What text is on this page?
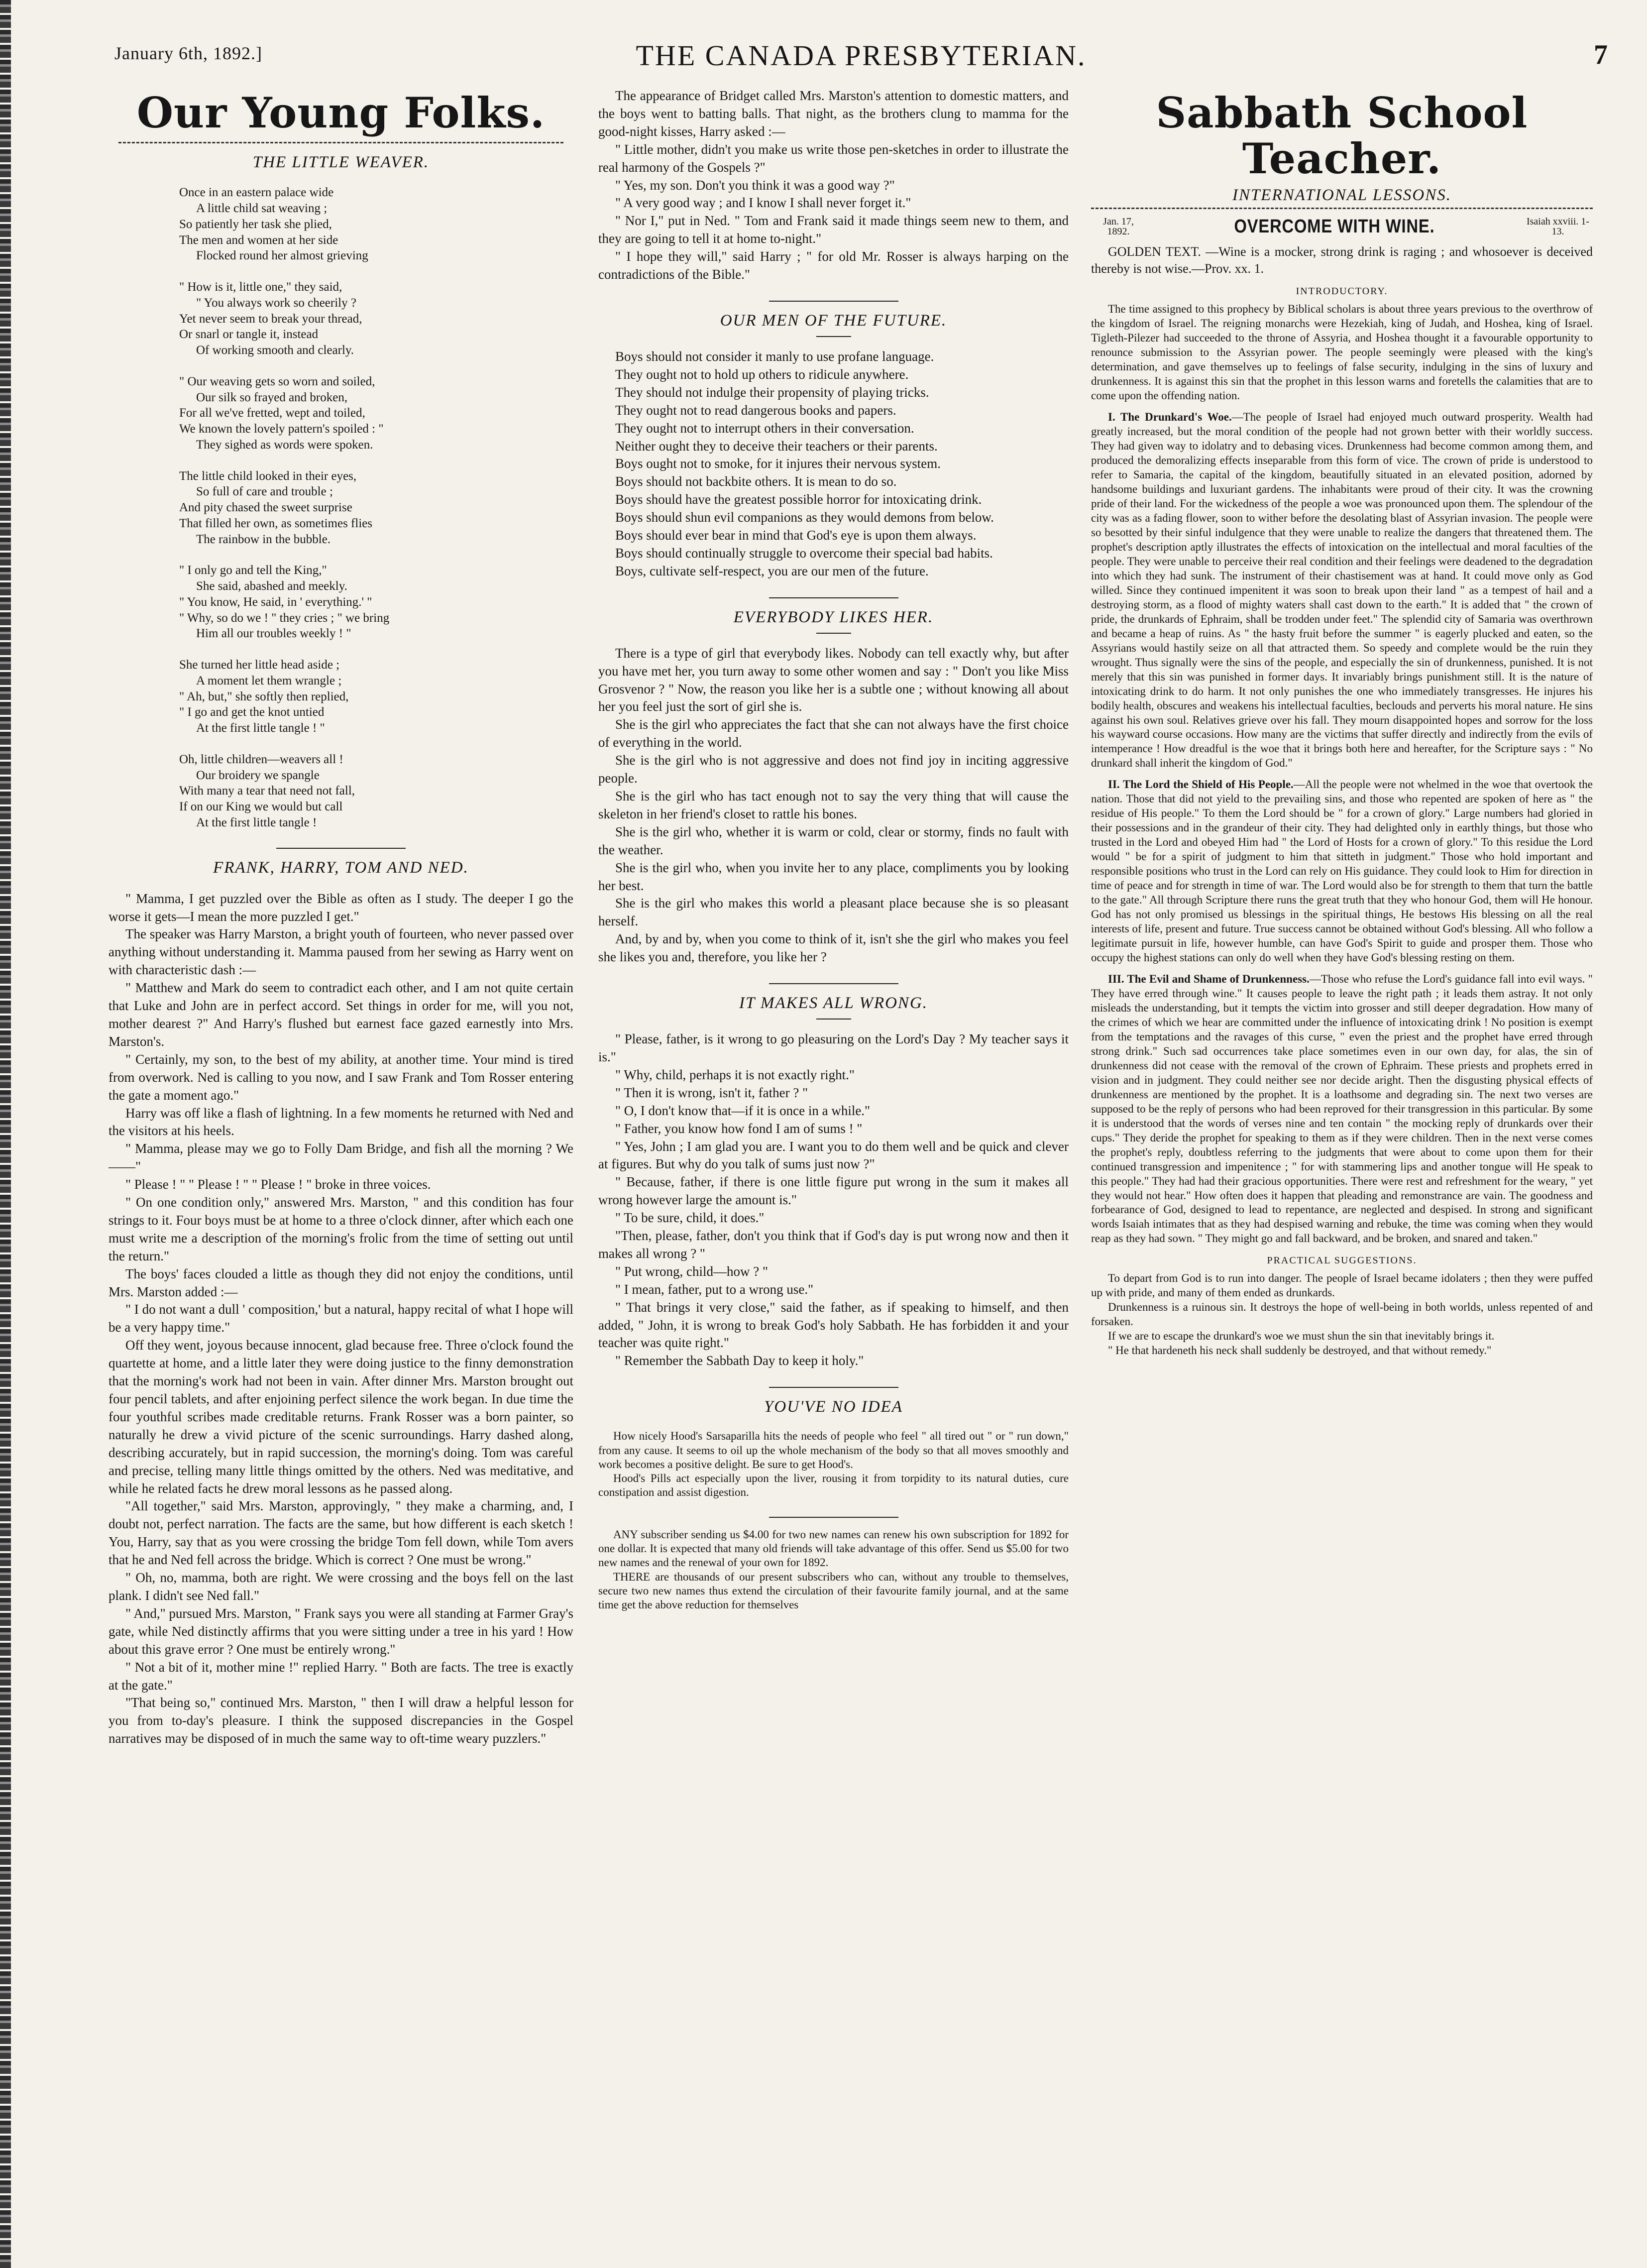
January 6th, 1892.]	THE CANADA PRESBYTERIAN.	7
Our Young Folks.
THE LITTLE WEAVER.
Once in an eastern palace wide
A little child sat weaving ;
So patiently her task she plied,
The men and women at her side
Flocked round her almost grieving
" How is it, little one," they said,
" You always work so cheerily ?
Yet never seem to break your thread,
Or snarl or tangle it, instead
Of working smooth and clearly.
" Our weaving gets so worn and soiled,
Our silk so frayed and broken,
For all we've fretted, wept and toiled,
We known the lovely pattern's spoiled : "
They sighed as words were spoken.
The little child looked in their eyes,
So full of care and trouble ;
And pity chased the sweet surprise
That filled her own, as sometimes flies
The rainbow in the bubble.
" I only go and tell the King,"
She said, abashed and meekly.
" You know, He said, in ' everything.' "
" Why, so do we ! " they cries ; " we bring
Him all our troubles weekly ! "
She turned her little head aside ;
A moment let them wrangle ;
" Ah, but," she softly then replied,
" I go and get the knot untied
At the first little tangle ! "
Oh, little children—weavers all !
Our broidery we spangle
With many a tear that need not fall,
If on our King we would but call
At the first little tangle !
FRANK, HARRY, TOM AND NED.

" Mamma, I get puzzled over the Bible as often as I study. The deeper I go the worse it gets—I mean the more puzzled I get."

The speaker was Harry Marston, a bright youth of fourteen, who never passed over anything without understanding it. Mamma paused from her sewing as Harry went on with characteristic dash :—

" Matthew and Mark do seem to contradict each other, and I am not quite certain that Luke and John are in perfect accord. Set things in order for me, will you not, mother dearest ?" And Harry's flushed but earnest face gazed earnestly into Mrs. Marston's.

" Certainly, my son, to the best of my ability, at another time. Your mind is tired from overwork. Ned is calling to you now, and I saw Frank and Tom Rosser entering the gate a moment ago."

Harry was off like a flash of lightning. In a few moments he returned with Ned and the visitors at his heels.

" Mamma, please may we go to Folly Dam Bridge, and fish all the morning ? We——"

" Please ! " " Please ! " " Please ! " broke in three voices.

" On one condition only," answered Mrs. Marston, " and this condition has four strings to it. Four boys must be at home to a three o'clock dinner, after which each one must write me a description of the morning's frolic from the time of setting out until the return."

The boys' faces clouded a little as though they did not enjoy the conditions, until Mrs. Marston added :—

" I do not want a dull ' composition,' but a natural, happy recital of what I hope will be a very happy time."

Off they went, joyous because innocent, glad because free. Three o'clock found the quartette at home, and a little later they were doing justice to the finny demonstration that the morning's work had not been in vain. After dinner Mrs. Marston brought out four pencil tablets, and after enjoining perfect silence the work began. In due time the four youthful scribes made creditable returns. Frank Rosser was a born painter, so naturally he drew a vivid picture of the scenic surroundings. Harry dashed along, describing accurately, but in rapid succession, the morning's doing. Tom was careful and precise, telling many little things omitted by the others. Ned was meditative, and while he related facts he drew moral lessons as he passed along.

"All together," said Mrs. Marston, approvingly, " they make a charming, and, I doubt not, perfect narration. The facts are the same, but how different is each sketch ! You, Harry, say that as you were crossing the bridge Tom fell down, while Tom avers that he and Ned fell across the bridge. Which is correct ? One must be wrong."

" Oh, no, mamma, both are right. We were crossing and the boys fell on the last plank. I didn't see Ned fall."

" And," pursued Mrs. Marston, " Frank says you were all standing at Farmer Gray's gate, while Ned distinctly affirms that you were sitting under a tree in his yard ! How about this grave error ? One must be entirely wrong."

" Not a bit of it, mother mine !" replied Harry. " Both are facts. The tree is exactly at the gate."

"That being so," continued Mrs. Marston, " then I will draw a helpful lesson for you from to-day's pleasure. I think the supposed discrepancies in the Gospel narratives may be disposed of in much the same way to oft-time weary puzzlers."

The appearance of Bridget called Mrs. Marston's attention to domestic matters, and the boys went to batting balls. That night, as the brothers clung to mamma for the good-night kisses, Harry asked :—

" Little mother, didn't you make us write those pen-sketches in order to illustrate the real harmony of the Gospels ?"

" Yes, my son. Don't you think it was a good way ?"

" A very good way ; and I know I shall never forget it."

" Nor I," put in Ned. " Tom and Frank said it made things seem new to them, and they are going to tell it at home to-night."

" I hope they will," said Harry ; " for old Mr. Rosser is always harping on the contradictions of the Bible."

OUR MEN OF THE FUTURE.

Boys should not consider it manly to use profane language.

They ought not to hold up others to ridicule anywhere.

They should not indulge their propensity of playing tricks.

They ought not to read dangerous books and papers.

They ought not to interrupt others in their conversation.

Neither ought they to deceive their teachers or their parents.

Boys ought not to smoke, for it injures their nervous system.

Boys should not backbite others. It is mean to do so.

Boys should have the greatest possible horror for intoxicating drink.

Boys should shun evil companions as they would demons from below.

Boys should ever bear in mind that God's eye is upon them always.

Boys should continually struggle to overcome their special bad habits.

Boys, cultivate self-respect, you are our men of the future.

EVERYBODY LIKES HER.

There is a type of girl that everybody likes. Nobody can tell exactly why, but after you have met her, you turn away to some other women and say : " Don't you like Miss Grosvenor ? " Now, the reason you like her is a subtle one ; without knowing all about her you feel just the sort of girl she is.

She is the girl who appreciates the fact that she can not always have the first choice of everything in the world.

She is the girl who is not aggressive and does not find joy in inciting aggressive people.

She is the girl who has tact enough not to say the very thing that will cause the skeleton in her friend's closet to rattle his bones.

She is the girl who, whether it is warm or cold, clear or stormy, finds no fault with the weather.

She is the girl who, when you invite her to any place, compliments you by looking her best.

She is the girl who makes this world a pleasant place because she is so pleasant herself.

And, by and by, when you come to think of it, isn't she the girl who makes you feel she likes you and, therefore, you like her ?

IT MAKES ALL WRONG.

" Please, father, is it wrong to go pleasuring on the Lord's Day ? My teacher says it is."

" Why, child, perhaps it is not exactly right."

" Then it is wrong, isn't it, father ? "

" O, I don't know that—if it is once in a while."

" Father, you know how fond I am of sums ! "

" Yes, John ; I am glad you are. I want you to do them well and be quick and clever at figures. But why do you talk of sums just now ?"

" Because, father, if there is one little figure put wrong in the sum it makes all wrong however large the amount is."

" To be sure, child, it does."

"Then, please, father, don't you think that if God's day is put wrong now and then it makes all wrong ? "

" Put wrong, child—how ? "

" I mean, father, put to a wrong use."

" That brings it very close," said the father, as if speaking to himself, and then added, " John, it is wrong to break God's holy Sabbath. He has forbidden it and your teacher was quite right."

" Remember the Sabbath Day to keep it holy."

YOU'VE NO IDEA

How nicely Hood's Sarsaparilla hits the needs of people who feel " all tired out " or " run down," from any cause. It seems to oil up the whole mechanism of the body so that all moves smoothly and work becomes a positive delight. Be sure to get Hood's.

Hood's Pills act especially upon the liver, rousing it from torpidity to its natural duties, cure constipation and assist digestion.

ANY subscriber sending us $4.00 for two new names can renew his own subscription for 1892 for one dollar. It is expected that many old friends will take advantage of this offer. Send us $5.00 for two new names and the renewal of your own for 1892.

THERE are thousands of our present subscribers who can, without any trouble to themselves, secure two new names thus extend the circulation of their favourite family journal, and at the same time get the above reduction for themselves

Sabbath School Teacher.
INTERNATIONAL LESSONS.
Jan. 17, 1892.	OVERCOME WITH WINE.	Isaiah xxviii. 1-13.

GOLDEN TEXT. —Wine is a mocker, strong drink is raging ; and whosoever is deceived thereby is not wise.—Prov. xx. 1.

INTRODUCTORY.

The time assigned to this prophecy by Biblical scholars is about three years previous to the overthrow of the kingdom of Israel. The reigning monarchs were Hezekiah, king of Judah, and Hoshea, king of Israel. Tigleth-Pilezer had succeeded to the throne of Assyria, and Hoshea thought it a favourable opportunity to renounce submission to the Assyrian power. The people seemingly were pleased with the king's determination, and gave themselves up to feelings of false security, indulging in the sins of luxury and drunkenness. It is against this sin that the prophet in this lesson warns and foretells the calamities that are to come upon the offending nation.

I. The Drunkard's Woe.—The people of Israel had enjoyed much outward prosperity. Wealth had greatly increased, but the moral condition of the people had not grown better with their worldly success. They had given way to idolatry and to debasing vices. Drunkenness had become common among them, and produced the demoralizing effects inseparable from this form of vice. The crown of pride is understood to refer to Samaria, the capital of the kingdom, beautifully situated in an elevated position, adorned by handsome buildings and luxuriant gardens. The inhabitants were proud of their city. It was the crowning pride of their land. For the wickedness of the people a woe was pronounced upon them. The splendour of the city was as a fading flower, soon to wither before the desolating blast of Assyrian invasion. The people were so besotted by their sinful indulgence that they were unable to realize the dangers that threatened them. The prophet's description aptly illustrates the effects of intoxication on the intellectual and moral faculties of the people. They were unable to perceive their real condition and their feelings were deadened to the degradation into which they had sunk. The instrument of their chastisement was at hand. It could move only as God willed. Since they continued impenitent it was soon to break upon their land " as a tempest of hail and a destroying storm, as a flood of mighty waters shall cast down to the earth." It is added that " the crown of pride, the drunkards of Ephraim, shall be trodden under feet." The splendid city of Samaria was overthrown and became a heap of ruins. As " the hasty fruit before the summer " is eagerly plucked and eaten, so the Assyrians would hastily seize on all that attracted them. So speedy and complete would be the ruin they wrought. Thus signally were the sins of the people, and especially the sin of drunkenness, punished. It is not merely that this sin was punished in former days. It invariably brings punishment still. It is the nature of intoxicating drink to do harm. It not only punishes the one who immediately transgresses. He injures his bodily health, obscures and weakens his intellectual faculties, beclouds and perverts his moral nature. He sins against his own soul. Relatives grieve over his fall. They mourn disappointed hopes and sorrow for the loss his wayward course occasions. How many are the victims that suffer directly and indirectly from the evils of intemperance ! How dreadful is the woe that it brings both here and hereafter, for the Scripture says : " No drunkard shall inherit the kingdom of God."

II. The Lord the Shield of His People.—All the people were not whelmed in the woe that overtook the nation. Those that did not yield to the prevailing sins, and those who repented are spoken of here as " the residue of His people." To them the Lord should be " for a crown of glory." Large numbers had gloried in their possessions and in the grandeur of their city. They had delighted only in earthly things, but those who trusted in the Lord and obeyed Him had " the Lord of Hosts for a crown of glory." To this residue the Lord would " be for a spirit of judgment to him that sitteth in judgment." Those who hold important and responsible positions who trust in the Lord can rely on His guidance. They could look to Him for direction in time of peace and for strength in time of war. The Lord would also be for strength to them that turn the battle to the gate." All through Scripture there runs the great truth that they who honour God, them will He honour. God has not only promised us blessings in the spiritual things, He bestows His blessing on all the real interests of life, present and future. True success cannot be obtained without God's blessing. All who follow a legitimate pursuit in life, however humble, can have God's Spirit to guide and prosper them. Those who occupy the highest stations can only do well when they have God's blessing resting on them.

III. The Evil and Shame of Drunkenness.—Those who refuse the Lord's guidance fall into evil ways. " They have erred through wine." It causes people to leave the right path ; it leads them astray. It not only misleads the understanding, but it tempts the victim into grosser and still deeper degradation. How many of the crimes of which we hear are committed under the influence of intoxicating drink ! No position is exempt from the temptations and the ravages of this curse, " even the priest and the prophet have erred through strong drink." Such sad occurrences take place sometimes even in our own day, for alas, the sin of drunkenness did not cease with the removal of the crown of Ephraim. These priests and prophets erred in vision and in judgment. They could neither see nor decide aright. Then the disgusting physical effects of drunkenness are mentioned by the prophet. It is a loathsome and degrading sin. The next two verses are supposed to be the reply of persons who had been reproved for their transgression in this particular. By some it is understood that the words of verses nine and ten contain " the mocking reply of drunkards over their cups." They deride the prophet for speaking to them as if they were children. Then in the next verse comes the prophet's reply, doubtless referring to the judgments that were about to come upon them for their continued transgression and impenitence ; " for with stammering lips and another tongue will He speak to this people." They had had their gracious opportunities. There were rest and refreshment for the weary, " yet they would not hear." How often does it happen that pleading and remonstrance are vain. The goodness and forbearance of God, designed to lead to repentance, are neglected and despised. In strong and significant words Isaiah intimates that as they had despised warning and rebuke, the time was coming when they would reap as they had sown. " They might go and fall backward, and be broken, and snared and taken."

PRACTICAL SUGGESTIONS.

To depart from God is to run into danger. The people of Israel became idolaters ; then they were puffed up with pride, and many of them ended as drunkards.

Drunkenness is a ruinous sin. It destroys the hope of well-being in both worlds, unless repented of and forsaken.

If we are to escape the drunkard's woe we must shun the sin that inevitably brings it.

" He that hardeneth his neck shall suddenly be destroyed, and that without remedy."
